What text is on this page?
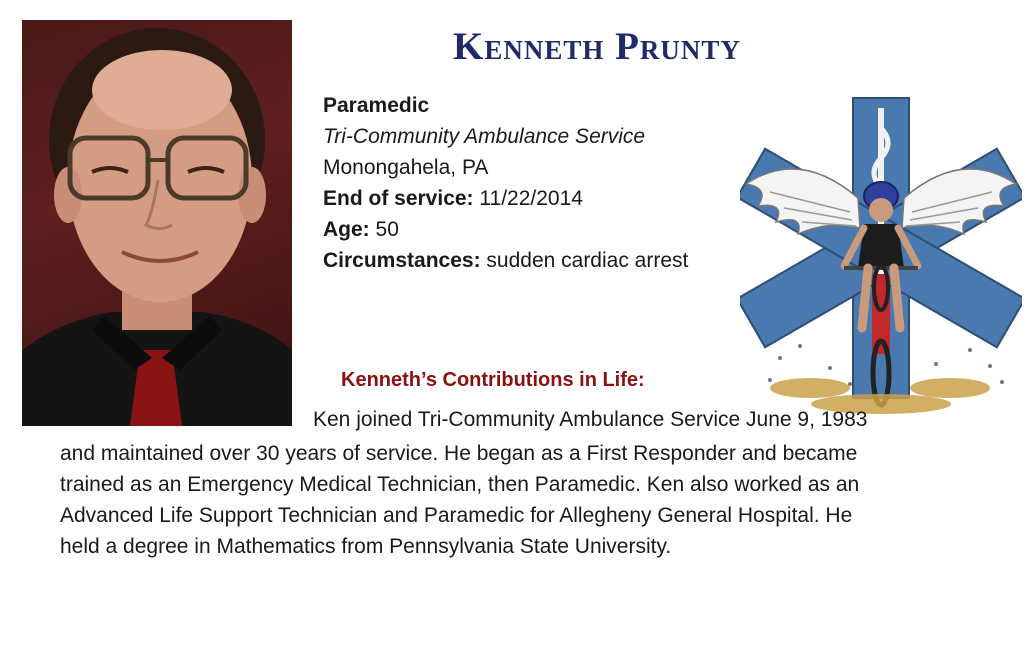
Kenneth Prunty
Paramedic
Tri-Community Ambulance Service
Monongahela, PA
End of service: 11/22/2014
Age: 50
Circumstances: sudden cardiac arrest
Kenneth’s Contributions in Life:
Ken joined Tri-Community Ambulance Service June 9, 1983
and maintained over 30 years of service. He began as a First Responder and became
trained as an Emergency Medical Technician, then Paramedic. Ken also worked as an
Advanced Life Support Technician and Paramedic for Allegheny General Hospital. He
held a degree in Mathematics from Pennsylvania State University.
